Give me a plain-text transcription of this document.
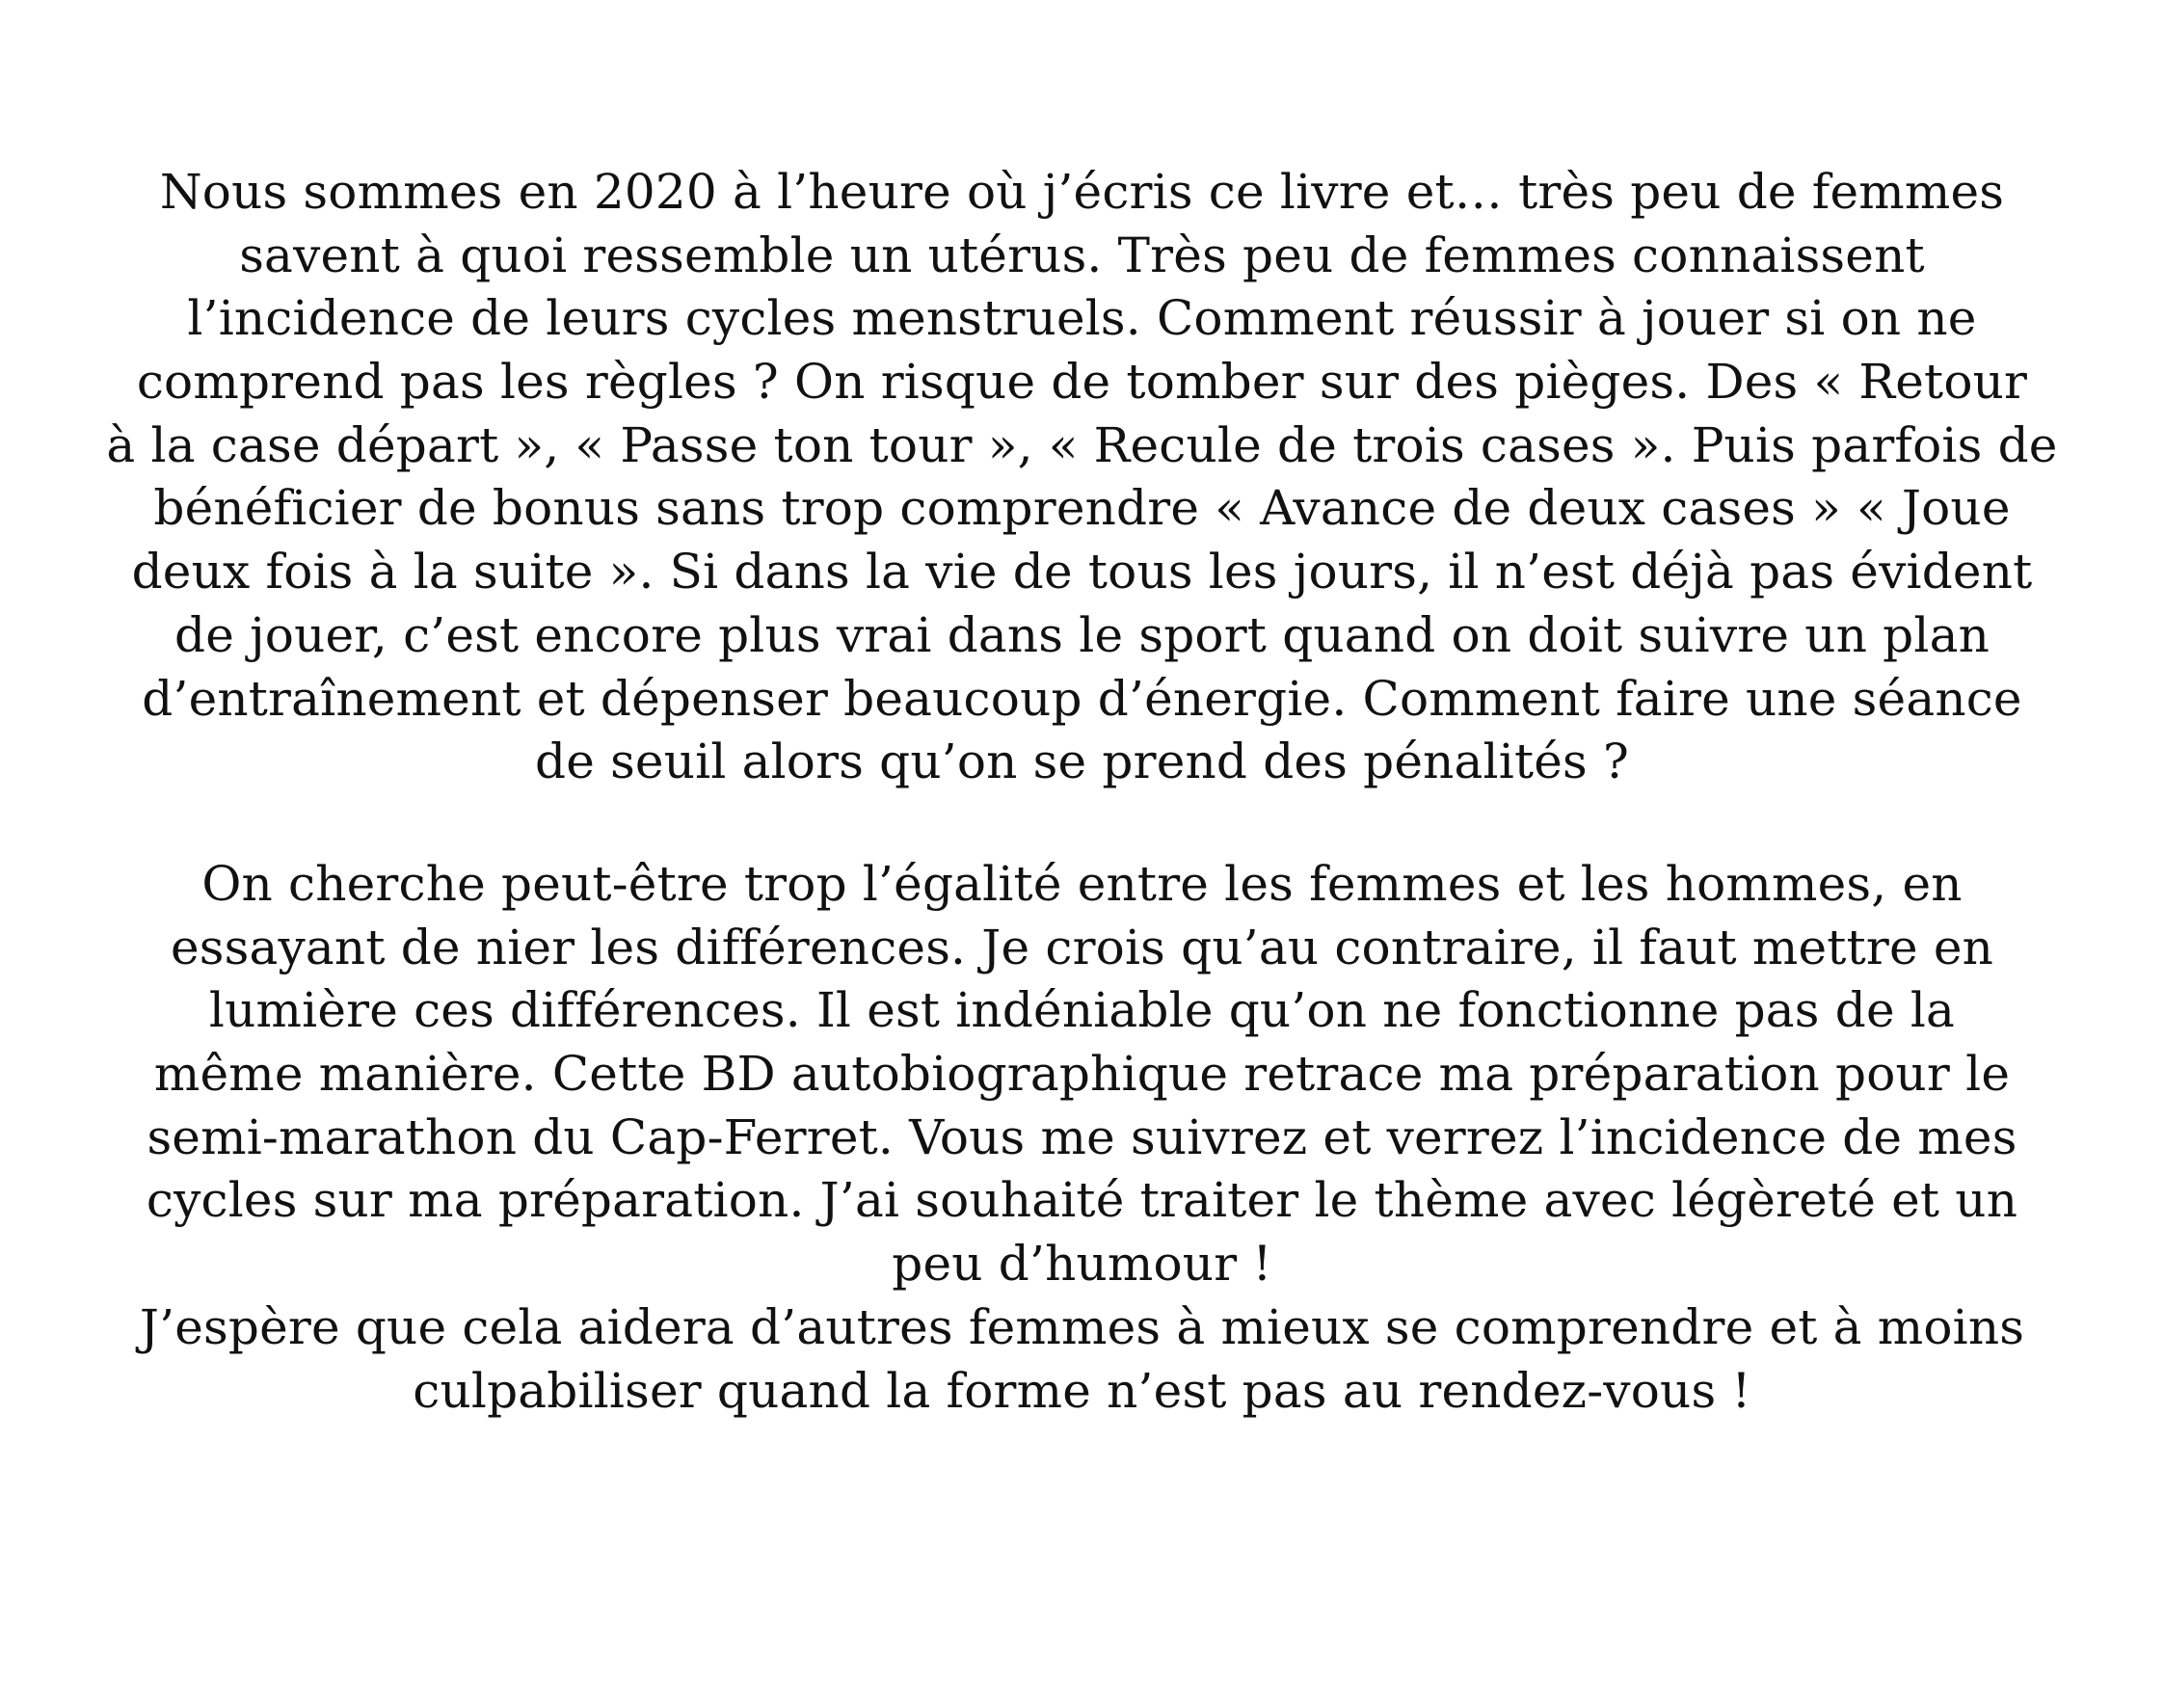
Nous sommes en 2020 à l’heure où j’écris ce livre et… très peu de femmes
savent à quoi ressemble un utérus. Très peu de femmes connaissent
l’incidence de leurs cycles menstruels. Comment réussir à jouer si on ne
comprend pas les règles ? On risque de tomber sur des pièges. Des « Retour
à la case départ », « Passe ton tour », « Recule de trois cases ». Puis parfois de
bénéficier de bonus sans trop comprendre « Avance de deux cases » « Joue
deux fois à la suite ». Si dans la vie de tous les jours, il n’est déjà pas évident
de jouer, c’est encore plus vrai dans le sport quand on doit suivre un plan
d’entraînement et dépenser beaucoup d’énergie. Comment faire une séance
de seuil alors qu’on se prend des pénalités ?
On cherche peut-être trop l’égalité entre les femmes et les hommes, en
essayant de nier les différences. Je crois qu’au contraire, il faut mettre en
lumière ces différences. Il est indéniable qu’on ne fonctionne pas de la
même manière. Cette BD autobiographique retrace ma préparation pour le
semi-marathon du Cap-Ferret. Vous me suivrez et verrez l’incidence de mes
cycles sur ma préparation. J’ai souhaité traiter le thème avec légèreté et un
peu d’humour !
J’espère que cela aidera d’autres femmes à mieux se comprendre et à moins
culpabiliser quand la forme n’est pas au rendez-vous !
